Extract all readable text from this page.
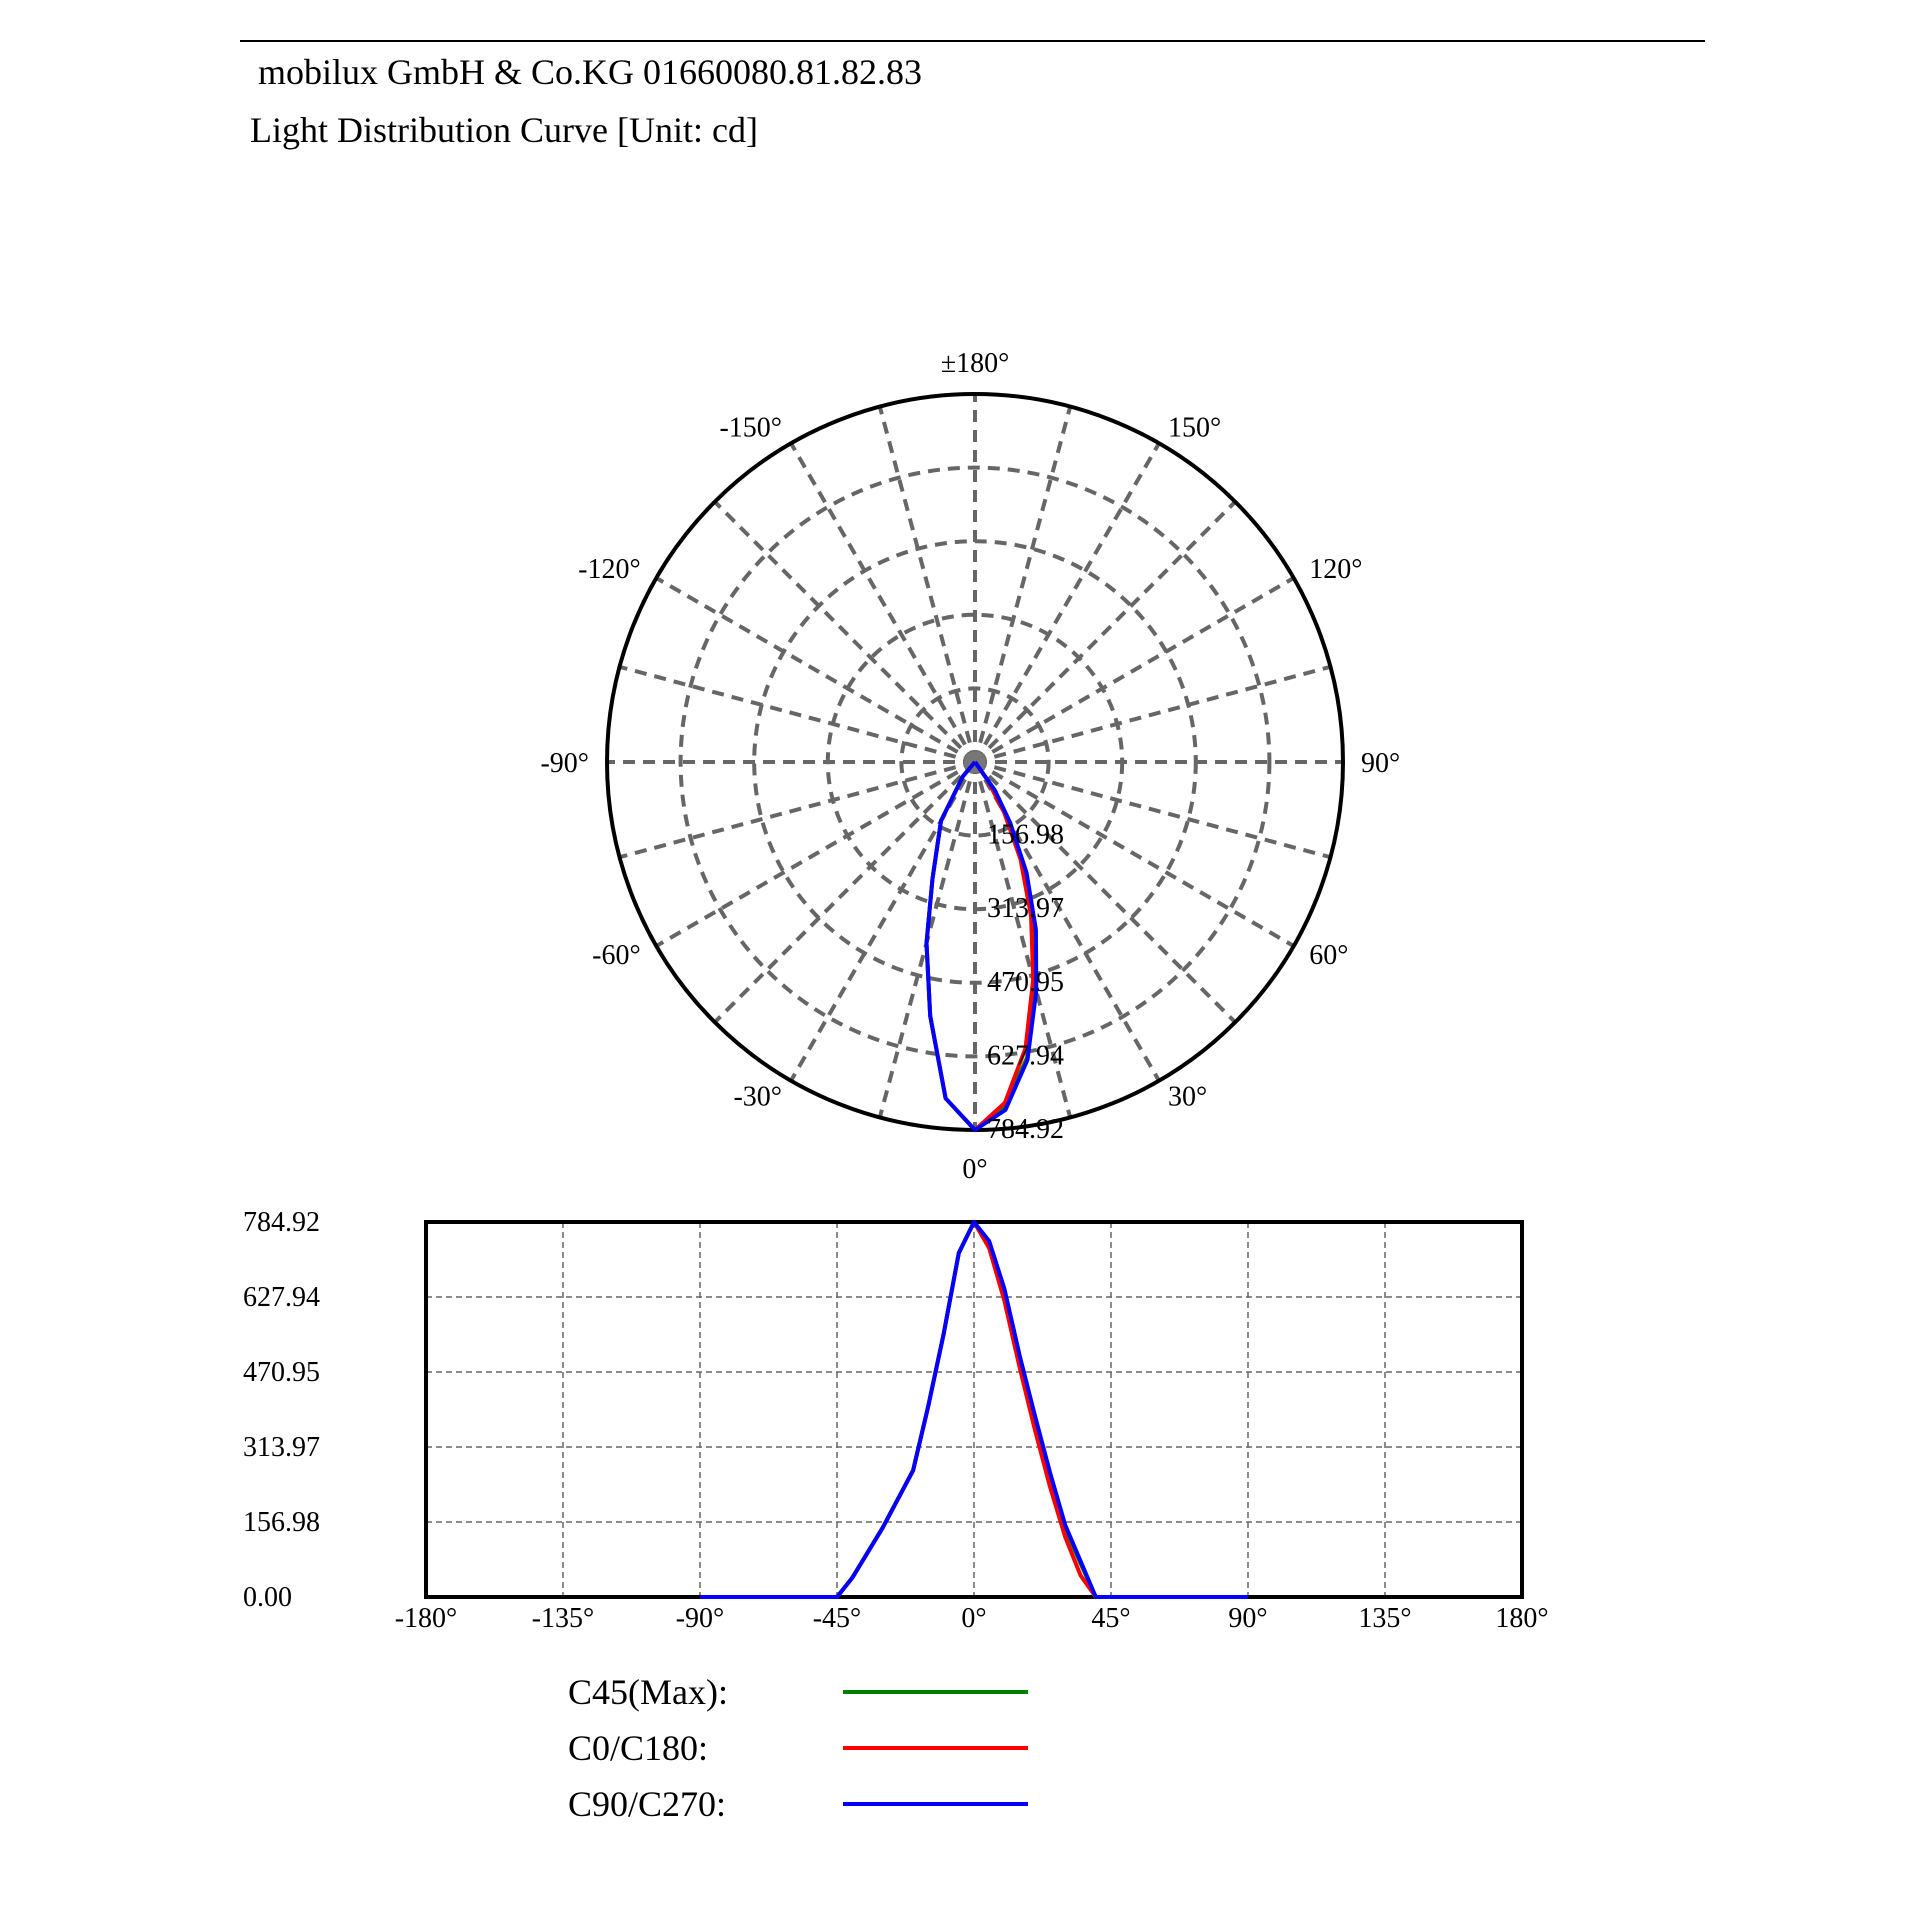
mobilux GmbH & Co.KG 01660080.81.82.83
Light Distribution Curve [Unit: cd]
156.98
313.97
470.95
627.94
784.92
±180°
150°
-150°
120°
-120°
90°
-90°
60°
-60°
30°
-30°
0°
-180°	-135°	-90°	-45°	0°	45°	90°	135°	180°
0.00
156.98
313.97
470.95
627.94
784.92
C45(Max):
C0/C180:
C90/C270:
